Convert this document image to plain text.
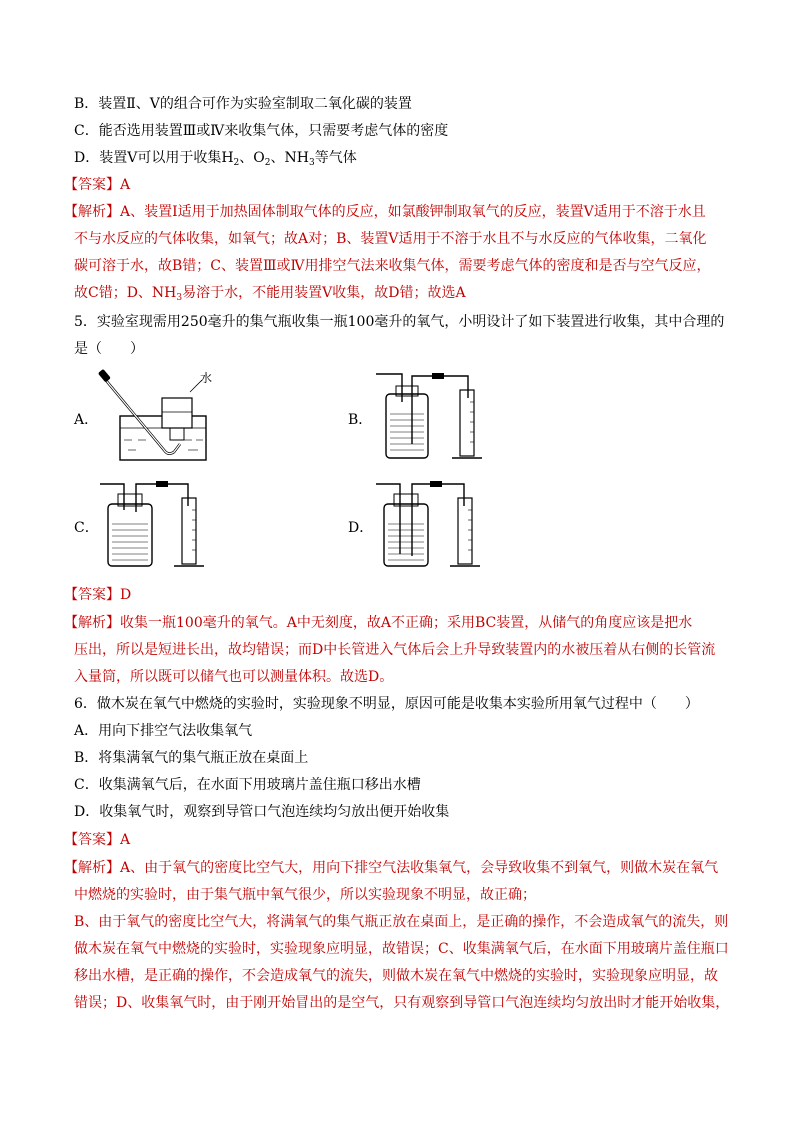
B．装置Ⅱ、V的组合可作为实验室制取二氧化碳的装置
C．能否选用装置Ⅲ或Ⅳ来收集气体，只需要考虑气体的密度
D．装置V可以用于收集$H_2$、$O_2$、$NH_3$等气体
【答案】A
【解析】A、装置I适用于加热固体制取气体的反应，如氯酸钾制取氧气的反应，装置V适用于不溶于水且
不与水反应的气体收集，如氧气；故A对；B、装置V适用于不溶于水且不与水反应的气体收集，二氧化
碳可溶于水，故B错；C、装置Ⅲ或Ⅳ用排空气法来收集气体，需要考虑气体的密度和是否与空气反应，
故C错；D、$NH_3$易溶于水，不能用装置V收集，故D错；故选A
5．实验室现需用250毫升的集气瓶收集一瓶100毫升的氧气，小明设计了如下装置进行收集，其中合理的
是（　　）
A．	B．
C．	D．
水
【答案】D
【解析】收集一瓶100毫升的氧气。A中无刻度，故A不正确；采用BC装置，从储气的角度应该是把水
压出，所以是短进长出，故均错误；而D中长管进入气体后会上升导致装置内的水被压着从右侧的长管流
入量筒，所以既可以储气也可以测量体积。故选D。
6．做木炭在氧气中燃烧的实验时，实验现象不明显，原因可能是收集本实验所用氧气过程中（　　）
A．用向下排空气法收集氧气
B．将集满氧气的集气瓶正放在桌面上
C．收集满氧气后，在水面下用玻璃片盖住瓶口移出水槽
D．收集氧气时，观察到导管口气泡连续均匀放出便开始收集
【答案】A
【解析】A、由于氧气的密度比空气大，用向下排空气法收集氧气，会导致收集不到氧气，则做木炭在氧气
中燃烧的实验时，由于集气瓶中氧气很少，所以实验现象不明显，故正确；
B、由于氧气的密度比空气大，将满氧气的集气瓶正放在桌面上，是正确的操作，不会造成氧气的流失，则
做木炭在氧气中燃烧的实验时，实验现象应明显，故错误；C、收集满氧气后，在水面下用玻璃片盖住瓶口
移出水槽，是正确的操作，不会造成氧气的流失，则做木炭在氧气中燃烧的实验时，实验现象应明显，故
错误；D、收集氧气时，由于刚开始冒出的是空气，只有观察到导管口气泡连续均匀放出时才能开始收集，
